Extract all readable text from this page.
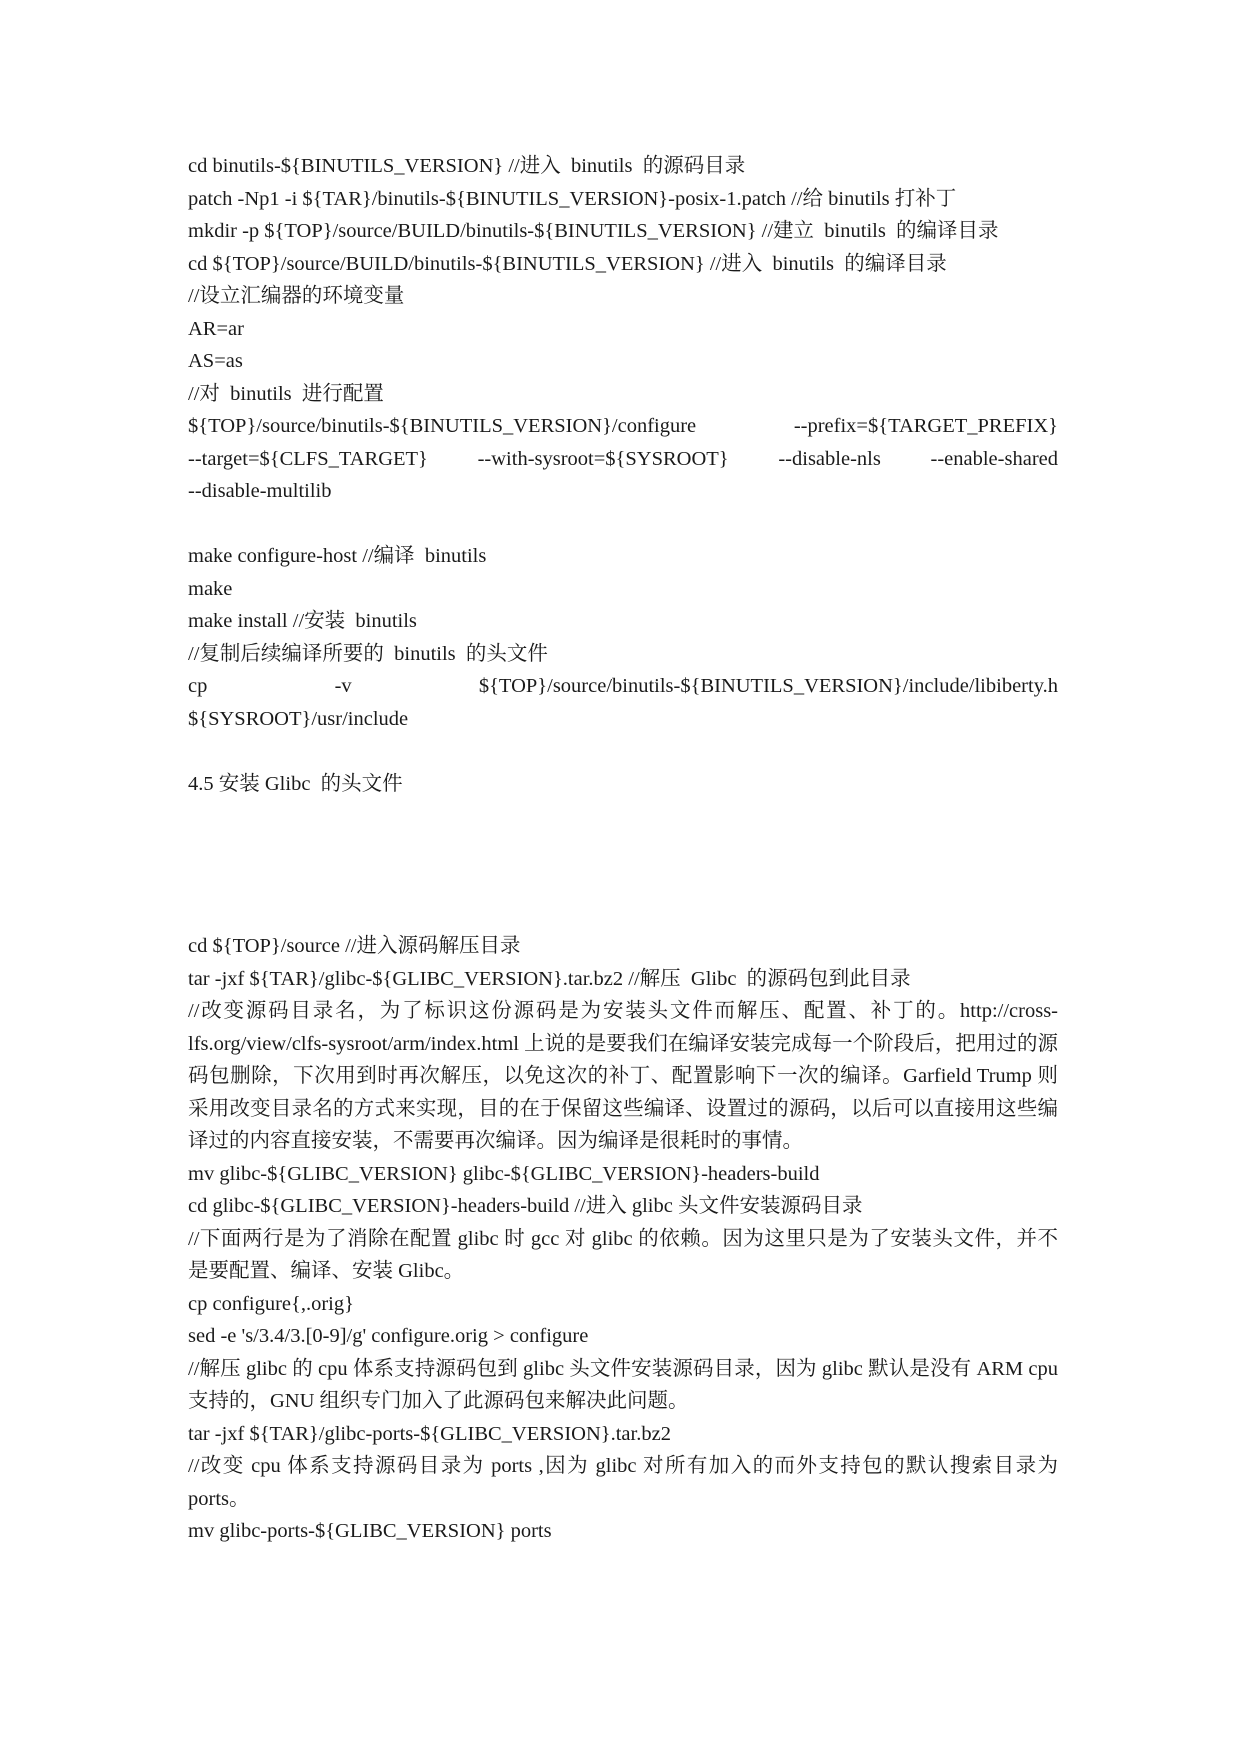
cd binutils-${BINUTILS_VERSION} //进入  binutils  的源码目录
patch -Np1 -i ${TAR}/binutils-${BINUTILS_VERSION}-posix-1.patch //给 binutils 打补丁
mkdir -p ${TOP}/source/BUILD/binutils-${BINUTILS_VERSION} //建立  binutils  的编译目录
cd ${TOP}/source/BUILD/binutils-${BINUTILS_VERSION} //进入  binutils  的编译目录
//设立汇编器的环境变量
AR=ar
AS=as
//对  binutils  进行配置
${TOP}/source/binutils-${BINUTILS_VERSION}/configure	--prefix=${TARGET_PREFIX}
--target=${CLFS_TARGET} --with-sysroot=${SYSROOT} --disable-nls --enable-shared
--disable-multilib
make configure-host //编译  binutils
make
make install //安装  binutils
//复制后续编译所要的  binutils  的头文件
cp	-v	${TOP}/source/binutils-${BINUTILS_VERSION}/include/libiberty.h
${SYSROOT}/usr/include
4.5 安装 Glibc  的头文件
cd ${TOP}/source //进入源码解压目录
tar -jxf ${TAR}/glibc-${GLIBC_VERSION}.tar.bz2 //解压  Glibc  的源码包到此目录
//改变源码目录名，为了标识这份源码是为安装头文件而解压、配置、补丁的。http://cross-lfs.org/view/clfs-sysroot/arm/index.html 上说的是要我们在编译安装完成每一个阶段后，把用过的源码包删除，下次用到时再次解压，以免这次的补丁、配置影响下一次的编译。Garfield Trump 则采用改变目录名的方式来实现，目的在于保留这些编译、设置过的源码，以后可以直接用这些编译过的内容直接安装，不需要再次编译。因为编译是很耗时的事情。
mv glibc-${GLIBC_VERSION} glibc-${GLIBC_VERSION}-headers-build
cd glibc-${GLIBC_VERSION}-headers-build //进入 glibc 头文件安装源码目录
//下面两行是为了消除在配置 glibc 时 gcc 对 glibc 的依赖。因为这里只是为了安装头文件，并不是要配置、编译、安装 Glibc。
cp configure{,.orig}
sed -e 's/3.4/3.[0-9]/g' configure.orig > configure
//解压 glibc 的 cpu 体系支持源码包到 glibc 头文件安装源码目录，因为 glibc 默认是没有 ARM cpu 支持的，GNU 组织专门加入了此源码包来解决此问题。
tar -jxf ${TAR}/glibc-ports-${GLIBC_VERSION}.tar.bz2
//改变 cpu 体系支持源码目录为 ports ,因为 glibc 对所有加入的而外支持包的默认搜索目录为 ports。
mv glibc-ports-${GLIBC_VERSION} ports
